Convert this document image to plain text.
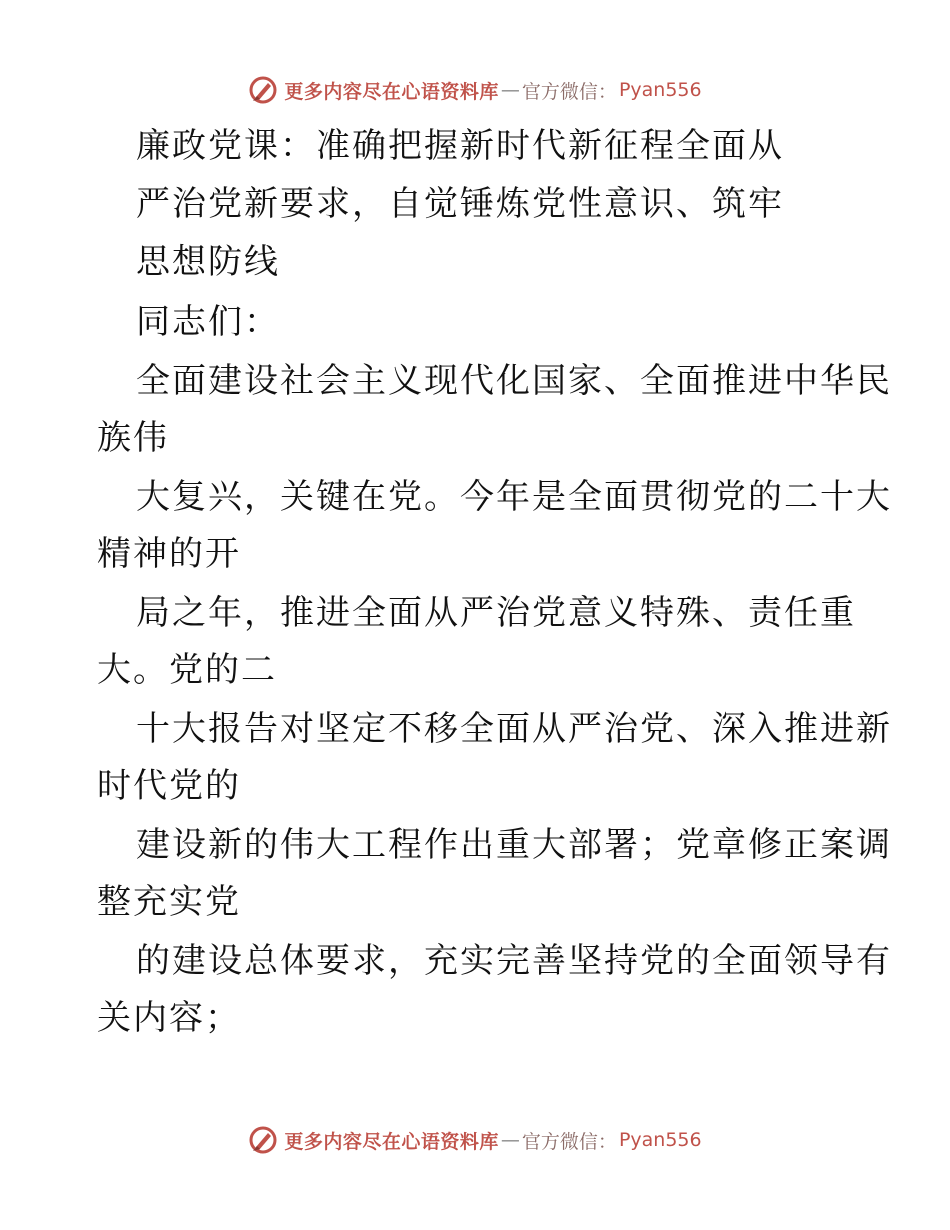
更多内容尽在心语资料库 — 官方微信： Pyan556
廉政党课：准确把握新时代新征程全面从
严治党新要求，自觉锤炼党性意识、筑牢
思想防线
同志们：
全面建设社会主义现代化国家、全面推进中华民
族伟
大复兴，关键在党。今年是全面贯彻党的二十大
精神的开
局之年，推进全面从严治党意义特殊、责任重
大。党的二
十大报告对坚定不移全面从严治党、深入推进新
时代党的
建设新的伟大工程作出重大部署；党章修正案调
整充实党
的建设总体要求，充实完善坚持党的全面领导有
关内容；
更多内容尽在心语资料库 — 官方微信： Pyan556
